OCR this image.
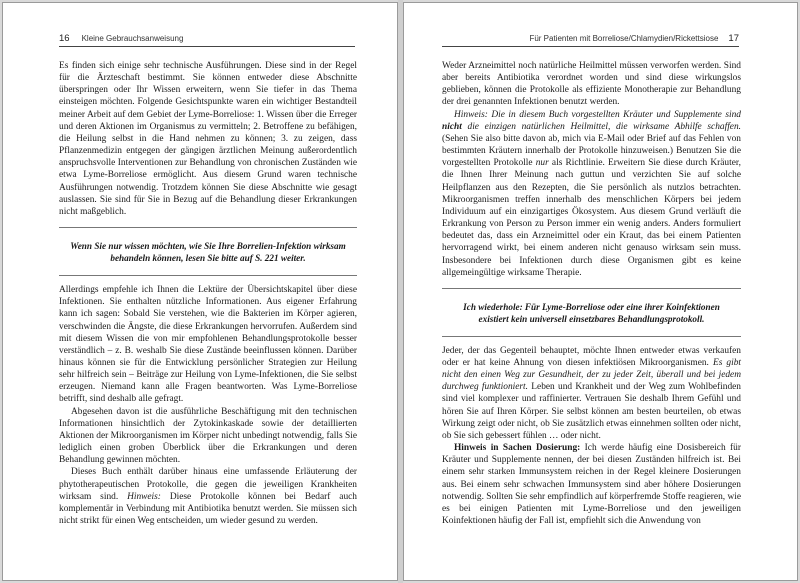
16 Kleine Gebrauchsanweisung

Es finden sich einige sehr technische Ausführungen. Diese sind in der Regel für die Ärzteschaft bestimmt. Sie können entweder diese Abschnitte überspringen oder Ihr Wissen erweitern, wenn Sie tiefer in das Thema einsteigen möchten. Folgende Gesichtspunkte waren ein wichtiger Bestandteil meiner Arbeit auf dem Gebiet der Lyme-Borreliose: 1. Wissen über die Erreger und deren Aktionen im Organismus zu vermitteln; 2. Betroffene zu befähigen, die Heilung selbst in die Hand nehmen zu können; 3. zu zeigen, dass Pflanzenmedizin entgegen der gängigen ärztlichen Meinung außerordentlich anspruchsvolle Interventionen zur Behandlung von chronischen Zuständen wie etwa Lyme-Borreliose ermöglicht. Aus diesem Grund waren technische Ausführungen notwendig. Trotzdem können Sie diese Abschnitte wie gesagt auslassen. Sie sind für Sie in Bezug auf die Behandlung dieser Erkrankungen nicht maßgeblich.

Wenn Sie nur wissen möchten, wie Sie Ihre Borrelien-Infektion wirksam
behandeln können, lesen Sie bitte auf S. 221 weiter.

Allerdings empfehle ich Ihnen die Lektüre der Übersichtskapitel über diese Infektionen. Sie enthalten nützliche Informationen. Aus eigener Erfahrung kann ich sagen: Sobald Sie verstehen, wie die Bakterien im Körper agieren, verschwinden die Ängste, die diese Erkrankungen hervorrufen. Außerdem sind mit diesem Wissen die von mir empfohlenen Behandlungsprotokolle besser verständlich – z. B. weshalb Sie diese Zustände beeinflussen können. Darüber hinaus können sie für die Entwicklung persönlicher Strategien zur Heilung sehr hilfreich sein – Beiträge zur Heilung von Lyme-Infektionen, die Sie selbst erzeugen. Niemand kann alle Fragen beantworten. Was Lyme-Borreliose betrifft, sind deshalb alle gefragt.

Abgesehen davon ist die ausführliche Beschäftigung mit den technischen Informationen hinsichtlich der Zytokinkaskade sowie der detaillierten Aktionen der Mikroorganismen im Körper nicht unbedingt notwendig, falls Sie lediglich einen groben Überblick über die Erkrankungen und deren Behandlung gewinnen möchten.

Dieses Buch enthält darüber hinaus eine umfassende Erläuterung der phytotherapeutischen Protokolle, die gegen die jeweiligen Krankheiten wirksam sind. Hinweis: Diese Protokolle können bei Bedarf auch komplementär in Verbindung mit Antibiotika benutzt werden. Sie müssen sich nicht strikt für einen Weg entscheiden, um wieder gesund zu werden.

Für Patienten mit Borreliose/Chlamydien/Rickettsiose 17

Weder Arzneimittel noch natürliche Heilmittel müssen verworfen werden. Sind aber bereits Antibiotika verordnet worden und sind diese wirkungslos geblieben, können die Protokolle als effiziente Monotherapie zur Behandlung der drei genannten Infektionen benutzt werden.

Hinweis: Die in diesem Buch vorgestellten Kräuter und Supplemente sind nicht die einzigen natürlichen Heilmittel, die wirksame Abhilfe schaffen. (Sehen Sie also bitte davon ab, mich via E-Mail oder Brief auf das Fehlen von bestimmten Kräutern innerhalb der Protokolle hinzuweisen.) Benutzen Sie die vorgestellten Protokolle nur als Richtlinie. Erweitern Sie diese durch Kräuter, die Ihnen Ihrer Meinung nach guttun und verzichten Sie auf solche Heilpflanzen aus den Rezepten, die Sie persönlich als nutzlos betrachten. Mikroorganismen treffen innerhalb des menschlichen Körpers bei jedem Individuum auf ein einzigartiges Ökosystem. Aus diesem Grund verläuft die Erkrankung von Person zu Person immer ein wenig anders. Anders formuliert bedeutet das, dass ein Arzneimittel oder ein Kraut, das bei einem Patienten hervorragend wirkt, bei einem anderen nicht genauso wirksam sein muss. Insbesondere bei Infektionen durch diese Organismen gibt es keine allgemeingültige wirksame Therapie.

Ich wiederhole: Für Lyme-Borreliose oder eine ihrer Koinfektionen
existiert kein universell einsetzbares Behandlungsprotokoll.

Jeder, der das Gegenteil behauptet, möchte Ihnen entweder etwas verkaufen oder er hat keine Ahnung von diesen infektiösen Mikroorganismen. Es gibt nicht den einen Weg zur Gesundheit, der zu jeder Zeit, überall und bei jedem durchweg funktioniert. Leben und Krankheit und der Weg zum Wohlbefinden sind viel komplexer und raffinierter. Vertrauen Sie deshalb Ihrem Gefühl und hören Sie auf Ihren Körper. Sie selbst können am besten beurteilen, ob etwas Wirkung zeigt oder nicht, ob Sie zusätzlich etwas einnehmen sollten oder nicht, ob Sie sich gebessert fühlen … oder nicht.

Hinweis in Sachen Dosierung: Ich werde häufig eine Dosisbereich für Kräuter und Supplemente nennen, der bei diesen Zuständen hilfreich ist. Bei einem sehr starken Immunsystem reichen in der Regel kleinere Dosierungen aus. Bei einem sehr schwachen Immunsystem sind aber höhere Dosierungen notwendig. Sollten Sie sehr empfindlich auf körperfremde Stoffe reagieren, wie es bei einigen Patienten mit Lyme-Borreliose und den jeweiligen Koinfektionen häufig der Fall ist, empfiehlt sich die Anwendung von
